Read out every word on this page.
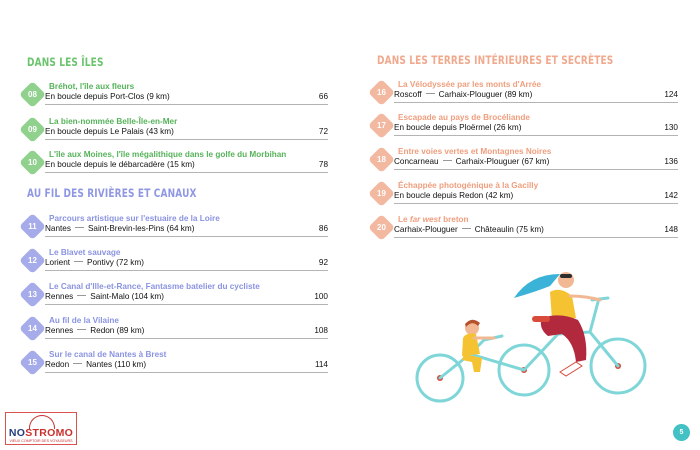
DANS LES ÎLES
AU FIL DES RIVIÈRES ET CANAUX
DANS LES TERRES INTÉRIEURES ET SECRÈTES
08
Bréhot, l'île aux fleurs
En boucle depuis Port-Clos (9 km)	66
09
La bien-nommée Belle-Île-en-Mer
En boucle depuis Le Palais (43 km)	72
10
L'île aux Moines, l'île mégalithique dans le golfe du Morbihan
En boucle depuis le débarcadère (15 km)	78
11
Parcours artistique sur l'estuaire de la Loire
Nantes Saint-Brevin-les-Pins (64 km)	86
12
Le Blavet sauvage
Lorient Pontivy (72 km)	92
13
Le Canal d'Ille-et-Rance, Fantasme batelier du cycliste
Rennes Saint-Malo (104 km)	100
14
Au fil de la Vilaine
Rennes Redon (89 km)	108
15
Sur le canal de Nantes à Brest
Redon Nantes (110 km)	114
16
La Vélodyssée par les monts d'Arrée
Roscoff Carhaix-Plouguer (89 km)	124
17
Escapade au pays de Brocéliande
En boucle depuis Ploërmel (26 km)	130
18
Entre voies vertes et Montagnes Noires
Concarneau Carhaix-Plouguer (67 km)	136
19
Échappée photogénique à la Gacilly
En boucle depuis Redon (42 km)	142
20
Le far west breton
Carhaix-Plouguer Châteaulin (75 km)	148
NOSTROMO
VIEUX COMPTOIR DES VOYAGEURS
5
